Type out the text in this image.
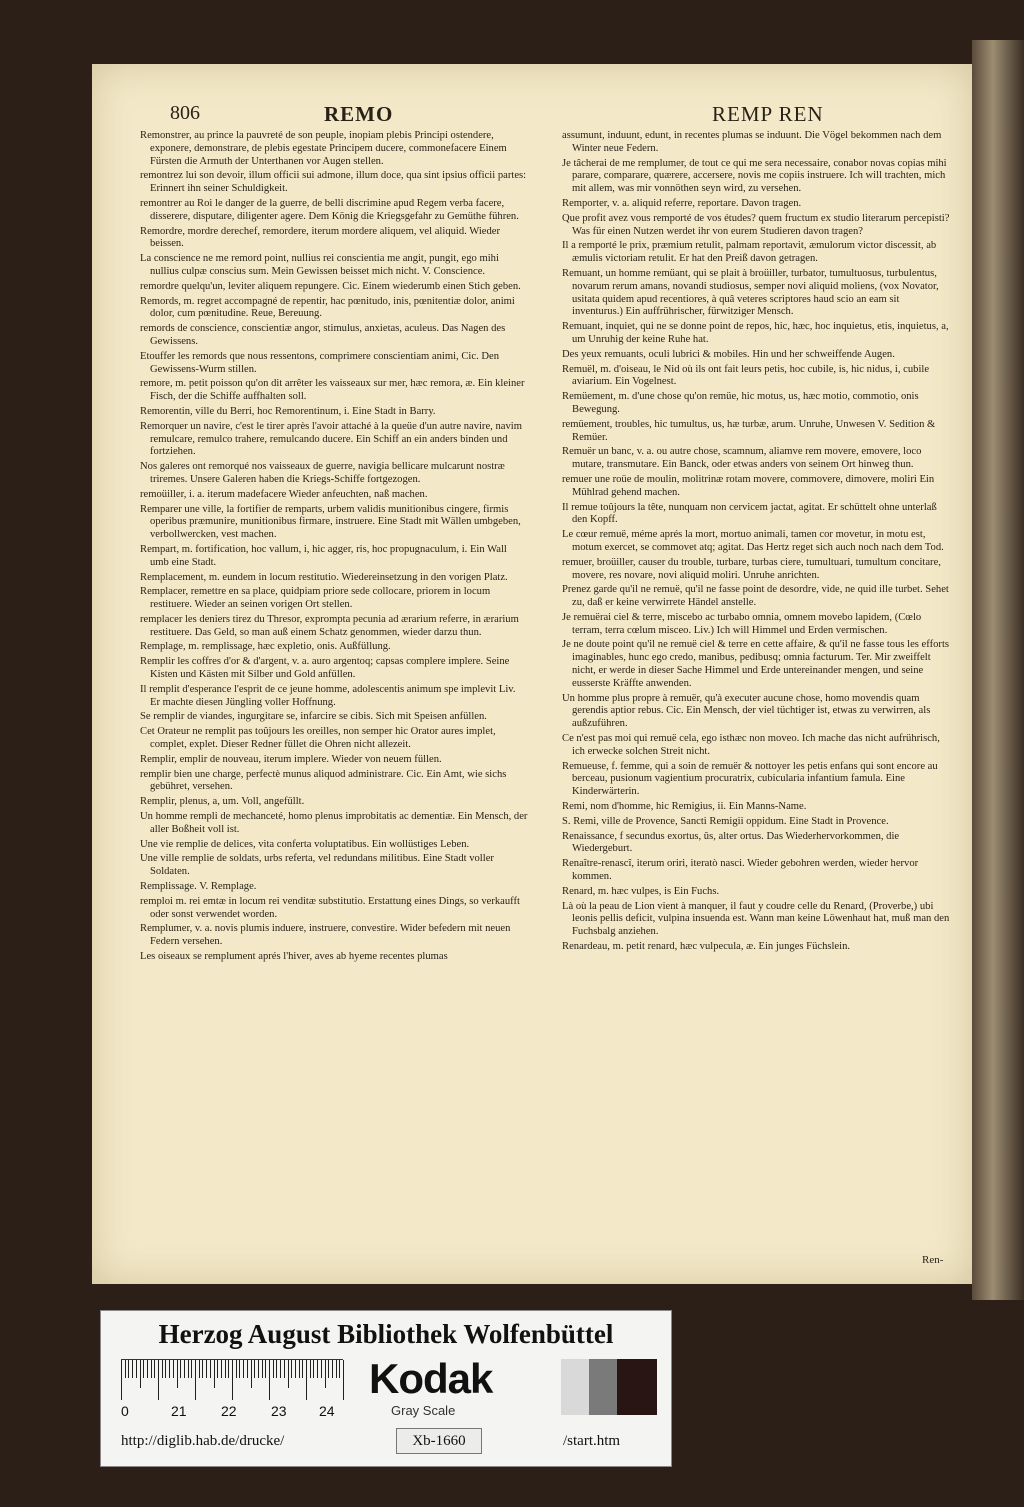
806	REMO	REMP REN
Remonstrer, au prince la pauvreté de son peuple, inopiam plebis Principi ostendere, exponere, demonstrare, de plebis egestate Principem ducere, commonefacere Einem Fürsten die Armuth der Unterthanen vor Augen stellen.
remontrez lui son devoir, illum officii sui admone, illum doce, qua sint ipsius officii partes: Erinnert ihn seiner Schuldigkeit.
remontrer au Roi le danger de la guerre, de belli discrimine apud Regem verba facere, disserere, disputare, diligenter agere. Dem König die Kriegsgefahr zu Gemüthe führen.
Remordre, mordre derechef, remordere, iterum mordere aliquem, vel aliquid. Wieder beissen.
La conscience ne me remord point, nullius rei conscientia me angit, pungit, ego mihi nullius culpæ conscius sum. Mein Gewissen beisset mich nicht. V. Conscience.
remordre quelqu'un, leviter aliquem repungere. Cic. Einem wiederumb einen Stich geben.
Remords, m. regret accompagné de repentir, hac pœnitudo, inis, pœnitentiæ dolor, animi dolor, cum pœnitudine. Reue, Bereuung.
remords de conscience, conscientiæ angor, stimulus, anxietas, aculeus. Das Nagen des Gewissens.
Etouffer les remords que nous ressentons, comprimere conscientiam animi, Cic. Den Gewissens-Wurm stillen.
remore, m. petit poisson qu'on dit arrêter les vaisseaux sur mer, hæc remora, æ. Ein kleiner Fisch, der die Schiffe auffhalten soll.
Remorentin, ville du Berri, hoc Remorentinum, i. Eine Stadt in Barry.
Remorquer un navire, c'est le tirer après l'avoir attaché à la queüe d'un autre navire, navim remulcare, remulco trahere, remulcando ducere. Ein Schiff an ein anders binden und fortziehen.
Nos galeres ont remorqué nos vaisseaux de guerre, navigia bellicare mulcarunt nostræ triremes. Unsere Galeren haben die Kriegs-Schiffe fortgezogen.
remoüiller, i. a. iterum madefacere Wieder anfeuchten, naß machen.
Remparer une ville, la fortifier de remparts, urbem validis munitionibus cingere, firmis operibus præmunire, munitionibus firmare, instruere. Eine Stadt mit Wällen umbgeben, verbollwercken, vest machen.
Rempart, m. fortification, hoc vallum, i, hic agger, ris, hoc propugnaculum, i. Ein Wall umb eine Stadt.
Remplacement, m. eundem in locum restitutio. Wiedereinsetzung in den vorigen Platz.
Remplacer, remettre en sa place, quidpiam priore sede collocare, priorem in locum restituere. Wieder an seinen vorigen Ort stellen.
remplacer les deniers tirez du Thresor, exprompta pecunia ad ærarium referre, in ærarium restituere. Das Geld, so man auß einem Schatz genommen, wieder darzu thun.
Remplage, m. remplissage, hæc expletio, onis. Außfüllung.
Remplir les coffres d'or & d'argent, v. a. auro argentoq; capsas complere implere. Seine Kisten und Kästen mit Silber und Gold anfüllen.
Il remplit d'esperance l'esprit de ce jeune homme, adolescentis animum spe implevit Liv. Er machte diesen Jüngling voller Hoffnung.
Se remplir de viandes, ingurgitare se, infarcire se cibis. Sich mit Speisen anfüllen.
Cet Orateur ne remplit pas toûjours les oreilles, non semper hic Orator aures implet, complet, explet. Dieser Redner füllet die Ohren nicht allezeit.
Remplir, emplir de nouveau, iterum implere. Wieder von neuem füllen.
remplir bien une charge, perfectè munus aliquod administrare. Cic. Ein Amt, wie sichs gebühret, versehen.
Remplir, plenus, a, um. Voll, angefüllt.
Un homme rempli de mechanceté, homo plenus improbitatis ac dementiæ. Ein Mensch, der aller Boßheit voll ist.
Une vie remplie de delices, vita conferta voluptatibus. Ein wollüstiges Leben.
Une ville remplie de soldats, urbs referta, vel redundans militibus. Eine Stadt voller Soldaten.
Remplissage. V. Remplage.
remploi m. rei emtæ in locum rei venditæ substitutio. Erstattung eines Dings, so verkaufft oder sonst verwendet worden.
Remplumer, v. a. novis plumis induere, instruere, convestire. Wider befedern mit neuen Federn versehen.
Les oiseaux se remplument aprés l'hiver, aves ab hyeme recentes plumas
assumunt, induunt, edunt, in recentes plumas se induunt. Die Vögel bekommen nach dem Winter neue Federn.
Je tâcherai de me remplumer, de tout ce qui me sera necessaire, conabor novas copias mihi parare, comparare, quærere, accersere, novis me copiis instruere. Ich will trachten, mich mit allem, was mir vonnöthen seyn wird, zu versehen.
Remporter, v. a. aliquid referre, reportare. Davon tragen.
Que profit avez vous remporté de vos études? quem fructum ex studio literarum percepisti? Was für einen Nutzen werdet ihr von eurem Studieren davon tragen?
Il a remporté le prix, præmium retulit, palmam reportavit, æmulorum victor discessit, ab æmulis victoriam retulit. Er hat den Preiß davon getragen.
Remuant, un homme remüant, qui se plait à broüiller, turbator, tumultuosus, turbulentus, novarum rerum amans, novandi studiosus, semper novi aliquid moliens, (vox Novator, usitata quidem apud recentiores, à quâ veteres scriptores haud scio an eam sit inventurus.) Ein auffrührischer, fürwitziger Mensch.
Remuant, inquiet, qui ne se donne point de repos, hic, hæc, hoc inquietus, etis, inquietus, a, um Unruhig der keine Ruhe hat.
Des yeux remuants, oculi lubrici & mobiles. Hin und her schweiffende Augen.
Remuël, m. d'oiseau, le Nid où ils ont fait leurs petis, hoc cubile, is, hic nidus, i, cubile aviarium. Ein Vogelnest.
Remüement, m. d'une chose qu'on remüe, hic motus, us, hæc motio, commotio, onis Bewegung.
remüement, troubles, hic tumultus, us, hæ turbæ, arum. Unruhe, Unwesen V. Sedition & Remüer.
Remuër un banc, v. a. ou autre chose, scamnum, aliamve rem movere, emovere, loco mutare, transmutare. Ein Banck, oder etwas anders von seinem Ort hinweg thun.
remuer une roüe de moulin, molitrinæ rotam movere, commovere, dimovere, moliri Ein Mühlrad gehend machen.
Il remue toûjours la tête, nunquam non cervicem jactat, agitat. Er schüttelt ohne unterlaß den Kopff.
Le cœur remuë, méme aprés la mort, mortuo animali, tamen cor movetur, in motu est, motum exercet, se commovet atq; agitat. Das Hertz reget sich auch noch nach dem Tod.
remuer, broüiller, causer du trouble, turbare, turbas ciere, tumultuari, tumultum concitare, movere, res novare, novi aliquid moliri. Unruhe anrichten.
Prenez garde qu'il ne remuë, qu'il ne fasse point de desordre, vide, ne quid ille turbet. Sehet zu, daß er keine verwirrete Händel anstelle.
Je remuërai ciel & terre, miscebo ac turbabo omnia, omnem movebo lapidem, (Cœlo terram, terra cœlum misceo. Liv.) Ich will Himmel und Erden vermischen.
Je ne doute point qu'il ne remuë ciel & terre en cette affaire, & qu'il ne fasse tous les efforts imaginables, hunc ego credo, manibus, pedibusq; omnia facturum. Ter. Mir zweiffelt nicht, er werde in dieser Sache Himmel und Erde untereinander mengen, und seine eusserste Kräffte anwenden.
Un homme plus propre à remuër, qu'à executer aucune chose, homo movendis quam gerendis aptior rebus. Cic. Ein Mensch, der viel tüchtiger ist, etwas zu verwirren, als außzuführen.
Ce n'est pas moi qui remuë cela, ego isthæc non moveo. Ich mache das nicht aufrührisch, ich erwecke solchen Streit nicht.
Remueuse, f. femme, qui a soin de remuër & nottoyer les petis enfans qui sont encore au berceau, pusionum vagientium procuratrix, cubicularia infantium famula. Eine Kinderwärterin.
Remi, nom d'homme, hic Remigius, ii. Ein Manns-Name.
S. Remi, ville de Provence, Sancti Remigii oppidum. Eine Stadt in Provence.
Renaissance, f secundus exortus, ûs, alter ortus. Das Wiederhervorkommen, die Wiedergeburt.
Renaître-renascî, iterum oriri, iteratò nasci. Wieder gebohren werden, wieder hervor kommen.
Renard, m. hæc vulpes, is Ein Fuchs.
Là où la peau de Lion vient à manquer, il faut y coudre celle du Renard, (Proverbe,) ubi leonis pellis deficit, vulpina insuenda est. Wann man keine Löwenhaut hat, muß man den Fuchsbalg anziehen.
Renardeau, m. petit renard, hæc vulpecula, æ. Ein junges Füchslein.
Ren-
Herzog August Bibliothek Wolfenbüttel
0	21 22 23 24
Kodak
Gray Scale
http://diglib.hab.de/drucke/	Xb-1660	/start.htm
